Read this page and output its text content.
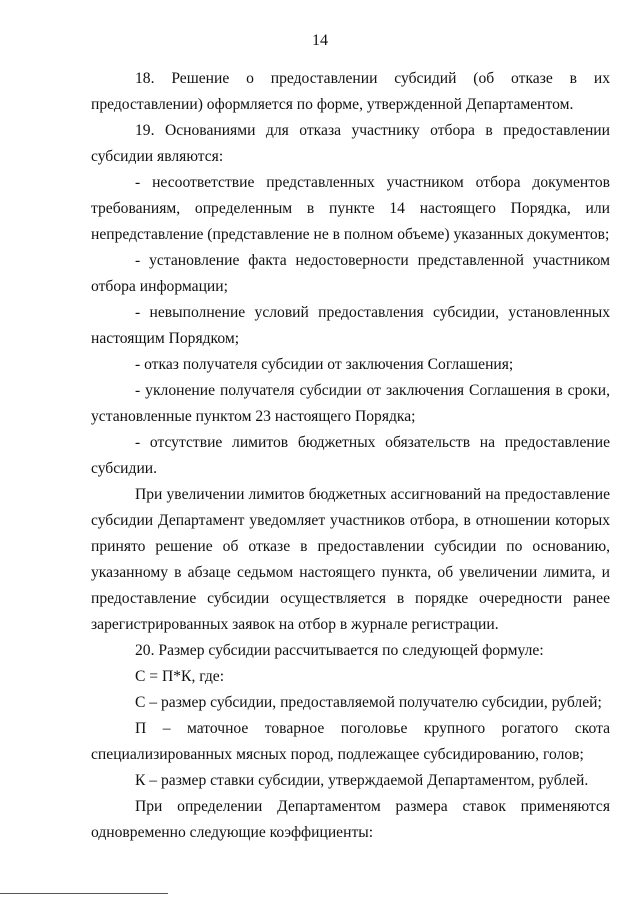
14

18. Решение о предоставлении субсидий (об отказе в их предоставлении) оформляется по форме, утвержденной Департаментом.

19. Основаниями для отказа участнику отбора в предоставлении субсидии являются:

- несоответствие представленных участником отбора документов требованиям, определенным в пункте 14 настоящего Порядка, или непредставление (представление не в полном объеме) указанных документов;

- установление факта недостоверности представленной участником отбора информации;

- невыполнение условий предоставления субсидии, установленных настоящим Порядком;

- отказ получателя субсидии от заключения Соглашения;

- уклонение получателя субсидии от заключения Соглашения в сроки, установленные пунктом 23 настоящего Порядка;

- отсутствие лимитов бюджетных обязательств на предоставление субсидии.

При увеличении лимитов бюджетных ассигнований на предоставление субсидии Департамент уведомляет участников отбора, в отношении которых принято решение об отказе в предоставлении субсидии по основанию, указанному в абзаце седьмом настоящего пункта, об увеличении лимита, и предоставление субсидии осуществляется в порядке очередности ранее зарегистрированных заявок на отбор в журнале регистрации.

20. Размер субсидии рассчитывается по следующей формуле:

С = П*К, где:

С – размер субсидии, предоставляемой получателю субсидии, рублей;

П – маточное товарное поголовье крупного рогатого скота специализированных мясных пород, подлежащее субсидированию, голов;

К – размер ставки субсидии, утверждаемой Департаментом, рублей.

При определении Департаментом размера ставок применяются одновременно следующие коэффициенты:
